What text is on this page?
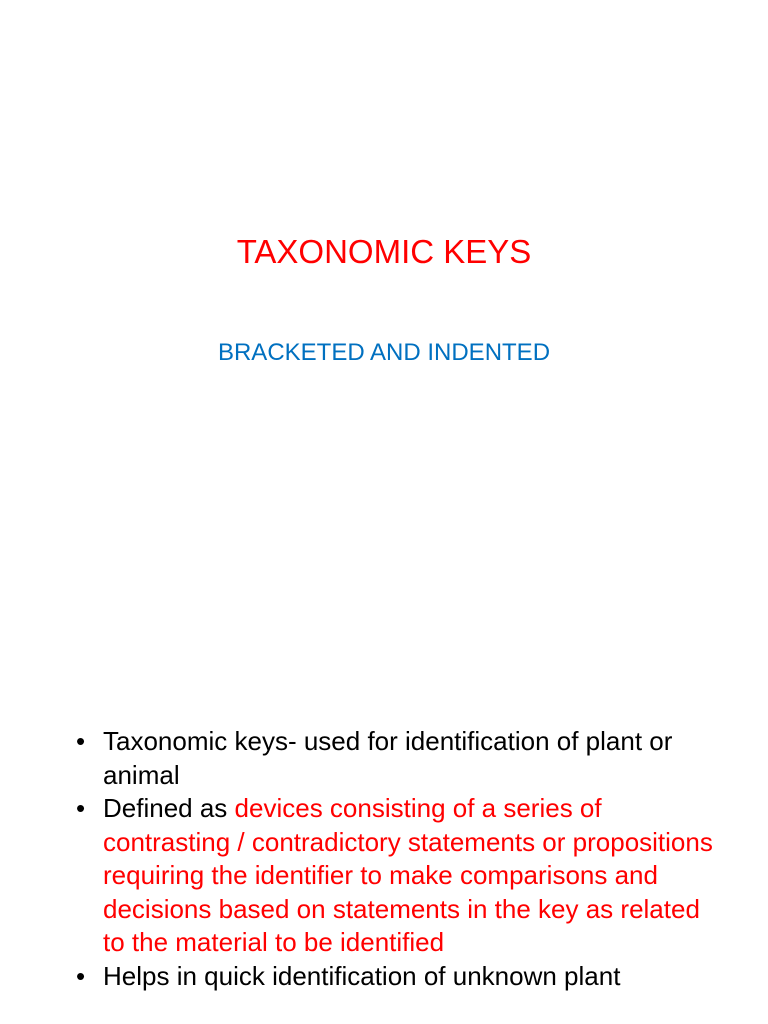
TAXONOMIC KEYS
BRACKETED AND INDENTED
• Taxonomic keys- used for identification of plant or animal
• Defined as devices consisting of a series of contrasting / contradictory statements or propositions requiring the identifier to make comparisons and decisions based on statements in the key as related to the material to be identified
• Helps in quick identification of unknown plant
